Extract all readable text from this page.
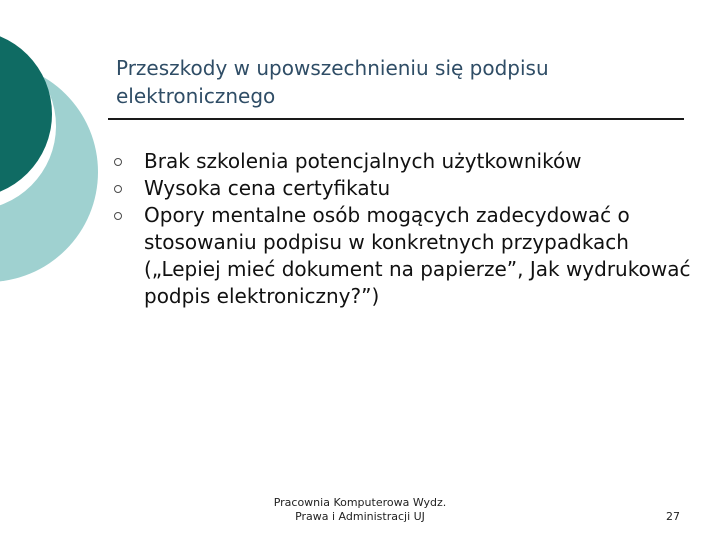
Przeszkody w upowszechnieniu się podpisu elektronicznego
Brak szkolenia potencjalnych użytkowników
Wysoka cena certyfikatu
Opory mentalne osób mogących zadecydować o stosowaniu podpisu w konkretnych przypadkach („Lepiej mieć dokument na papierze”, Jak wydrukować podpis elektroniczny?”)
Pracownia Komputerowa Wydz.
Prawa i Administracji UJ	27
